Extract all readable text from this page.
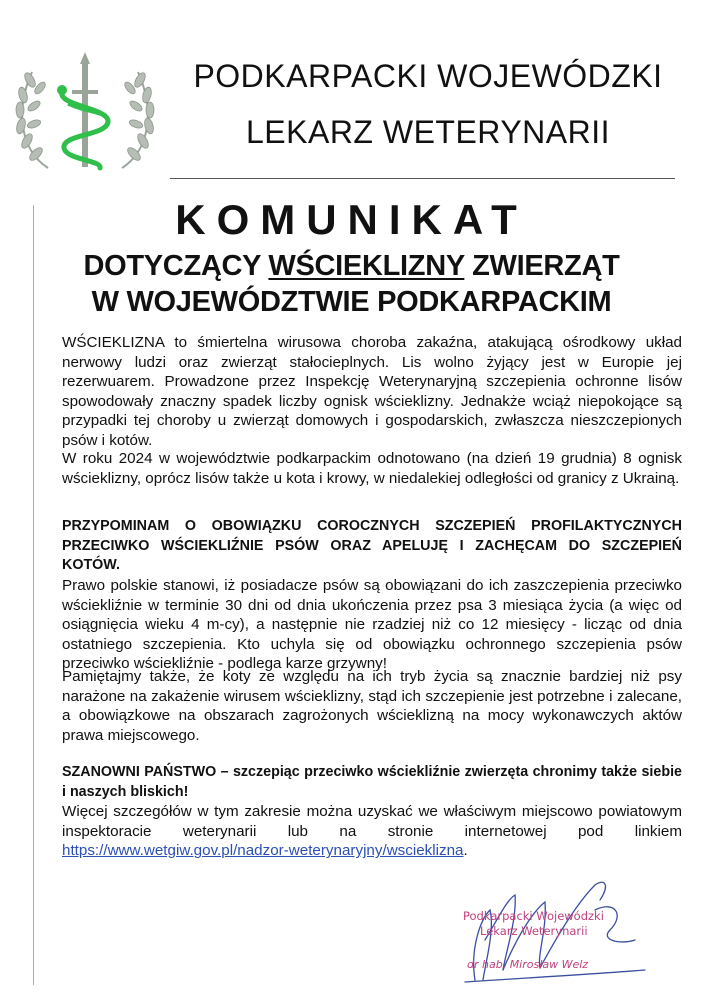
PODKARPACKI WOJEWÓDZKI
LEKARZ WETERYNARII
KOMUNIKAT
DOTYCZĄCY WŚCIEKLIZNY ZWIERZĄT
W WOJEWÓDZTWIE PODKARPACKIM

WŚCIEKLIZNA to śmiertelna wirusowa choroba zakaźna, atakującą ośrodkowy układ nerwowy ludzi oraz zwierząt stałocieplnych. Lis wolno żyjący jest w Europie jej rezerwuarem. Prowadzone przez Inspekcję Weterynaryjną szczepienia ochronne lisów spowodowały znaczny spadek liczby ognisk wścieklizny. Jednakże wciąż niepokojące są przypadki tej choroby u zwierząt domowych i gospodarskich, zwłaszcza nieszczepionych psów i kotów.

W roku 2024 w województwie podkarpackim odnotowano (na dzień 19 grudnia) 8 ognisk wścieklizny, oprócz lisów także u kota i krowy, w niedalekiej odległości od granicy z Ukrainą.

PRZYPOMINAM O OBOWIĄZKU COROCZNYCH SZCZEPIEŃ PROFILAKTYCZNYCH PRZECIWKO WŚCIEKLIŹNIE PSÓW ORAZ APELUJĘ I ZACHĘCAM DO SZCZEPIEŃ KOTÓW.

Prawo polskie stanowi, iż posiadacze psów są obowiązani do ich zaszczepienia przeciwko wściekliźnie w terminie 30 dni od dnia ukończenia przez psa 3 miesiąca życia (a więc od osiągnięcia wieku 4 m-cy), a następnie nie rzadziej niż co 12 miesięcy - licząc od dnia ostatniego szczepienia. Kto uchyla się od obowiązku ochronnego szczepienia psów przeciwko wściekliźnie - podlega karze grzywny!

Pamiętajmy także, że koty ze względu na ich tryb życia są znacznie bardziej niż psy narażone na zakażenie wirusem wścieklizny, stąd ich szczepienie jest potrzebne i zalecane, a obowiązkowe na obszarach zagrożonych wścieklizną na mocy wykonawczych aktów prawa miejscowego.

SZANOWNI PAŃSTWO – szczepiąc przeciwko wściekliźnie zwierzęta chronimy także siebie i naszych bliskich!

Więcej szczegółów w tym zakresie można uzyskać we właściwym miejscowo powiatowym inspektoracie weterynarii lub na stronie internetowej pod linkiem https://www.wetgiw.gov.pl/nadzor-weterynaryjny/wscieklizna.

Podkarpacki Wojewódzki
Lekarz Weterynarii
dr hab. Mirosław Welz
